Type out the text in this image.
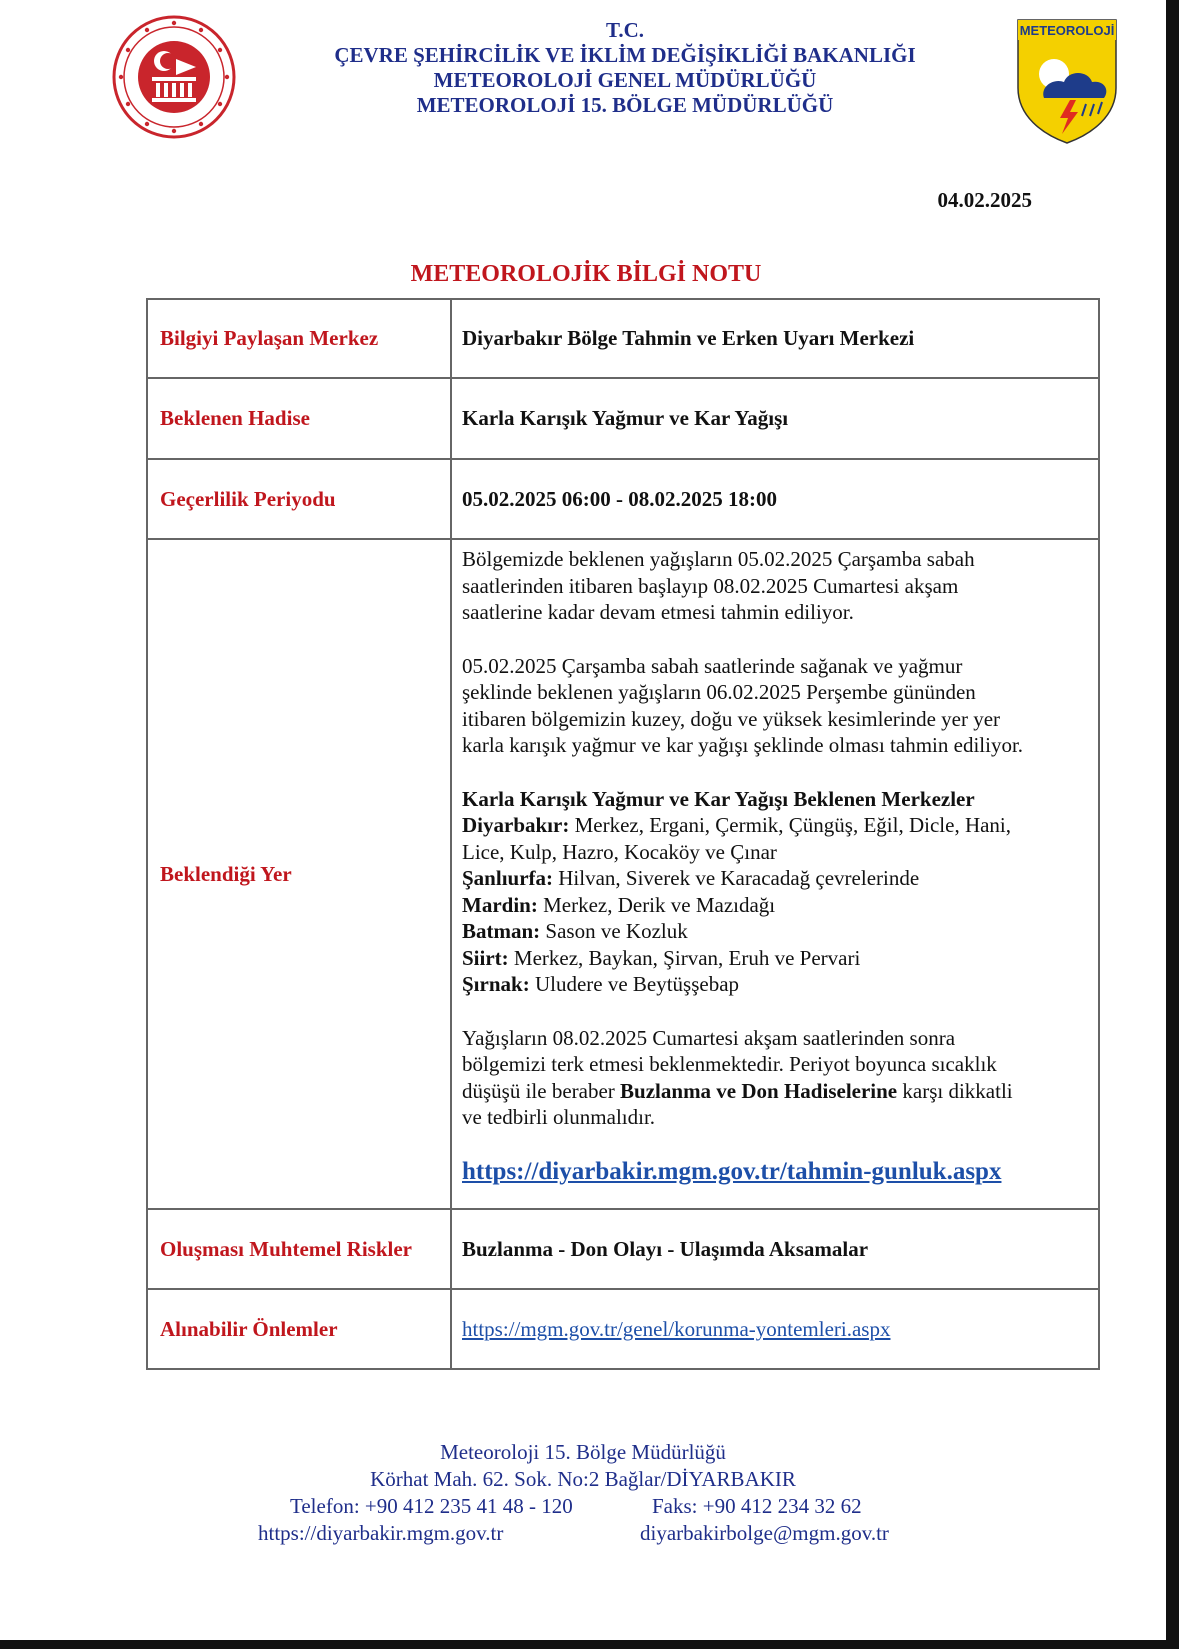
T.C.
ÇEVRE ŞEHİRCİLİK VE İKLİM DEĞİŞİKLİĞİ BAKANLIĞI
METEOROLOJİ GENEL MÜDÜRLÜĞÜ
METEOROLOJİ 15. BÖLGE MÜDÜRLÜĞÜ
METEOROLOJİ
04.02.2025
METEOROLOJİK BİLGİ NOTU
Bilgiyi Paylaşan Merkez	Diyarbakır Bölge Tahmin ve Erken Uyarı Merkezi
Beklenen Hadise	Karla Karışık Yağmur ve Kar Yağışı
Geçerlilik Periyodu	05.02.2025 06:00 - 08.02.2025 18:00
Beklendiği Yer

Bölgemizde beklenen yağışların 05.02.2025 Çarşamba sabah
saatlerinden itibaren başlayıp 08.02.2025 Cumartesi akşam
saatlerine kadar devam etmesi tahmin ediliyor.

05.02.2025 Çarşamba sabah saatlerinde sağanak ve yağmur
şeklinde beklenen yağışların 06.02.2025 Perşembe gününden
itibaren bölgemizin kuzey, doğu ve yüksek kesimlerinde yer yer
karla karışık yağmur ve kar yağışı şeklinde olması tahmin ediliyor.

Karla Karışık Yağmur ve Kar Yağışı Beklenen Merkezler
Diyarbakır: Merkez, Ergani, Çermik, Çüngüş, Eğil, Dicle, Hani,
Lice, Kulp, Hazro, Kocaköy ve Çınar
Şanlıurfa: Hilvan, Siverek ve Karacadağ çevrelerinde
Mardin: Merkez, Derik ve Mazıdağı
Batman: Sason ve Kozluk
Siirt: Merkez, Baykan, Şirvan, Eruh ve Pervari
Şırnak: Uludere ve Beytüşşebap

Yağışların 08.02.2025 Cumartesi akşam saatlerinden sonra
bölgemizi terk etmesi beklenmektedir. Periyot boyunca sıcaklık
düşüşü ile beraber Buzlanma ve Don Hadiselerine karşı dikkatli
ve tedbirli olunmalıdır.

https://diyarbakir.mgm.gov.tr/tahmin-gunluk.aspx
Oluşması Muhtemel Riskler	Buzlanma - Don Olayı - Ulaşımda Aksamalar
Alınabilir Önlemler	https://mgm.gov.tr/genel/korunma-yontemleri.aspx
Meteoroloji 15. Bölge Müdürlüğü
Körhat Mah. 62. Sok. No:2 Bağlar/DİYARBAKIR
Telefon: +90 412 235 41 48 - 120	Faks: +90 412 234 32 62
https://diyarbakir.mgm.gov.tr	diyarbakirbolge@mgm.gov.tr
